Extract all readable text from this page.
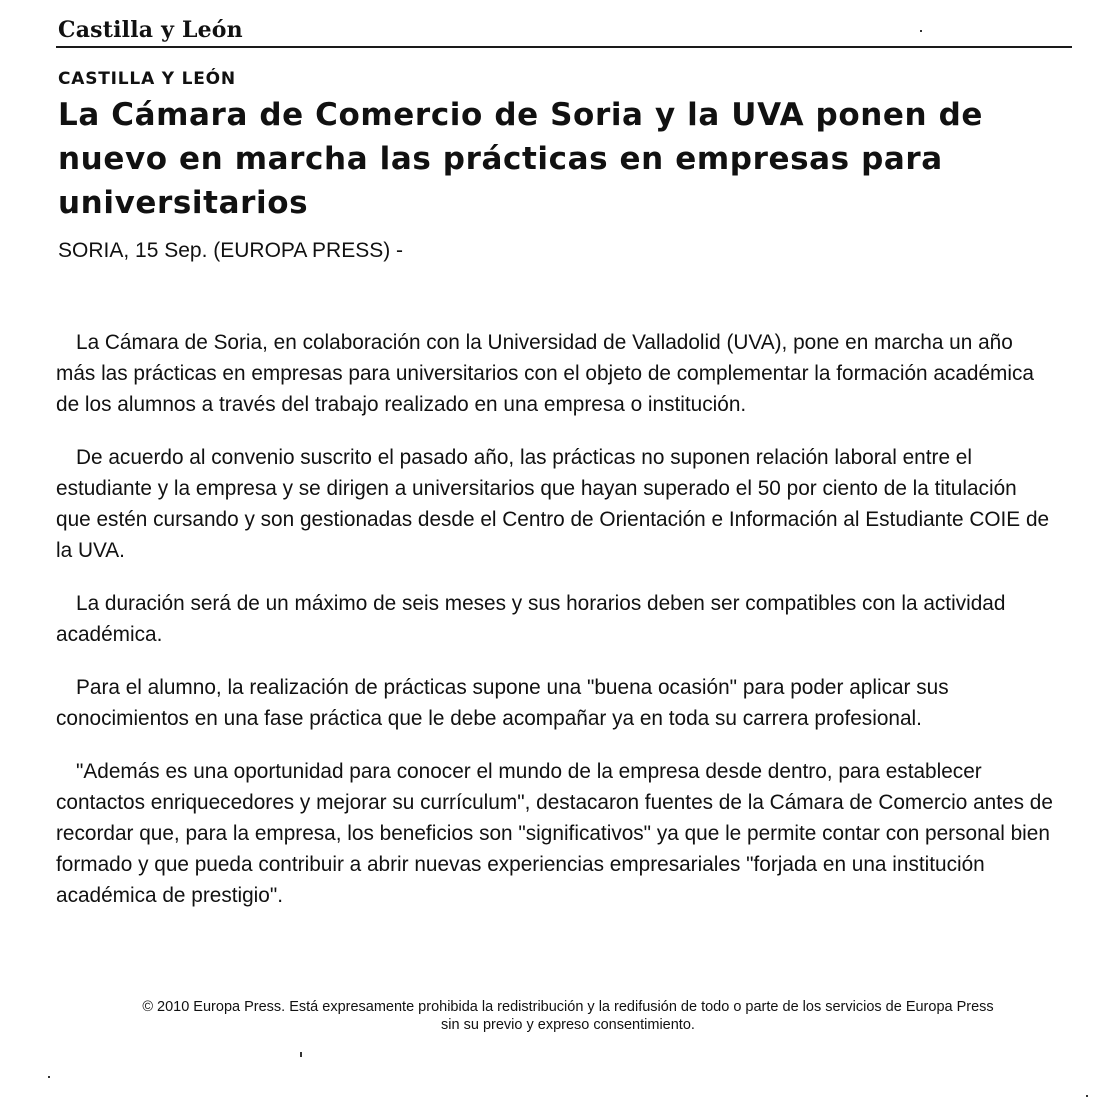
Castilla y León
CASTILLA Y LEÓN
La Cámara de Comercio de Soria y la UVA ponen de nuevo en marcha las prácticas en empresas para universitarios
SORIA, 15 Sep. (EUROPA PRESS) -

La Cámara de Soria, en colaboración con la Universidad de Valladolid (UVA), pone en marcha un año más las prácticas en empresas para universitarios con el objeto de complementar la formación académica de los alumnos a través del trabajo realizado en una empresa o institución.

De acuerdo al convenio suscrito el pasado año, las prácticas no suponen relación laboral entre el estudiante y la empresa y se dirigen a universitarios que hayan superado el 50 por ciento de la titulación que estén cursando y son gestionadas desde el Centro de Orientación e Información al Estudiante COIE de la UVA.

La duración será de un máximo de seis meses y sus horarios deben ser compatibles con la actividad académica.

Para el alumno, la realización de prácticas supone una "buena ocasión" para poder aplicar sus conocimientos en una fase práctica que le debe acompañar ya en toda su carrera profesional.

"Además es una oportunidad para conocer el mundo de la empresa desde dentro, para establecer contactos enriquecedores y mejorar su currículum", destacaron fuentes de la Cámara de Comercio antes de recordar que, para la empresa, los beneficios son "significativos" ya que le permite contar con personal bien formado y que pueda contribuir a abrir nuevas experiencias empresariales "forjada en una institución académica de prestigio".

© 2010 Europa Press. Está expresamente prohibida la redistribución y la redifusión de todo o parte de los servicios de Europa Press
sin su previo y expreso consentimiento.
